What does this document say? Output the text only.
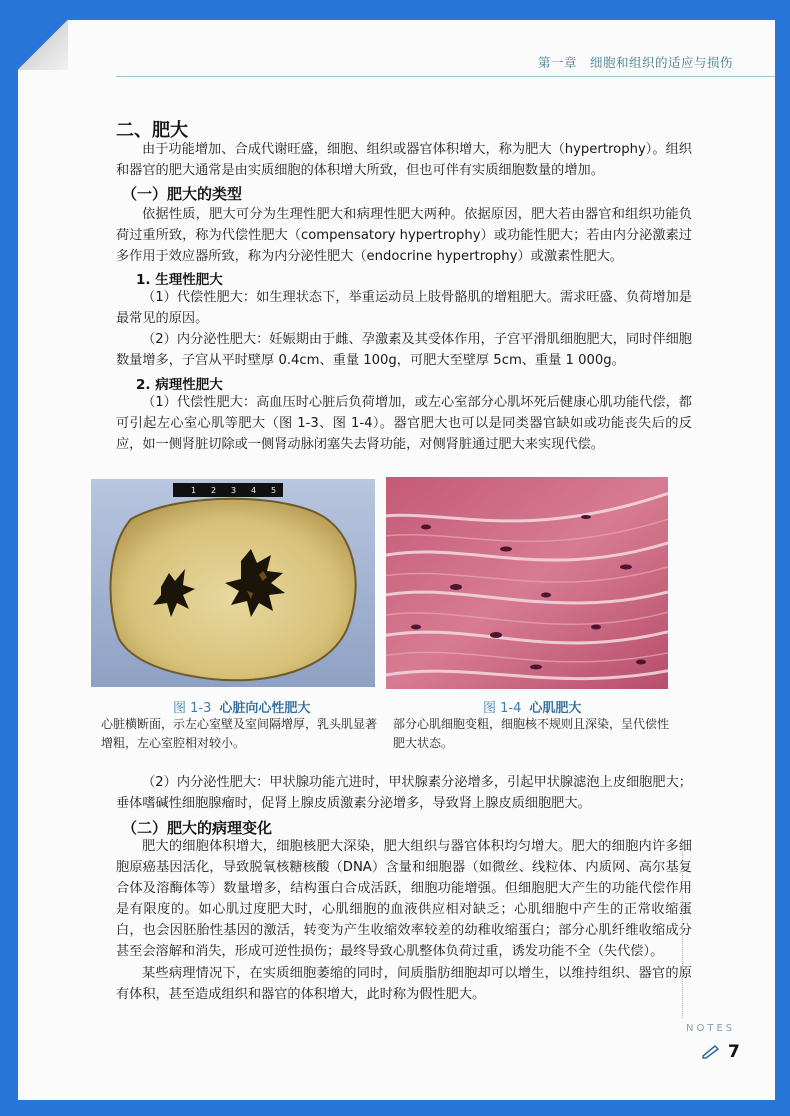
第一章　细胞和组织的适应与损伤
二、肥大
由于功能增加、合成代谢旺盛，细胞、组织或器官体积增大，称为肥大（hypertrophy）。组织和器官的肥大通常是由实质细胞的体积增大所致，但也可伴有实质细胞数量的增加。
（一）肥大的类型
依据性质，肥大可分为生理性肥大和病理性肥大两种。依据原因，肥大若由器官和组织功能负荷过重所致，称为代偿性肥大（compensatory hypertrophy）或功能性肥大；若由内分泌激素过多作用于效应器所致，称为内分泌性肥大（endocrine hypertrophy）或激素性肥大。
1. 生理性肥大
（1）代偿性肥大：如生理状态下，举重运动员上肢骨骼肌的增粗肥大。需求旺盛、负荷增加是最常见的原因。
（2）内分泌性肥大：妊娠期由于雌、孕激素及其受体作用，子宫平滑肌细胞肥大，同时伴细胞数量增多，子宫从平时壁厚 0.4cm、重量 100g，可肥大至壁厚 5cm、重量 1 000g。
2. 病理性肥大
（1）代偿性肥大：高血压时心脏后负荷增加，或左心室部分心肌坏死后健康心肌功能代偿，都可引起左心室心肌等肥大（图 1-3、图 1-4）。器官肥大也可以是同类器官缺如或功能丧失后的反应，如一侧肾脏切除或一侧肾动脉闭塞失去肾功能，对侧肾脏通过肥大来实现代偿。
1 2 3 4 5
图 1-3 心脏向心性肥大
心脏横断面，示左心室壁及室间隔增厚，乳头肌显著增粗，左心室腔相对较小。
图 1-4 心肌肥大
部分心肌细胞变粗，细胞核不规则且深染，呈代偿性肥大状态。
（2）内分泌性肥大：甲状腺功能亢进时，甲状腺素分泌增多，引起甲状腺滤泡上皮细胞肥大；垂体嗜碱性细胞腺瘤时，促肾上腺皮质激素分泌增多，导致肾上腺皮质细胞肥大。
（二）肥大的病理变化
肥大的细胞体积增大，细胞核肥大深染，肥大组织与器官体积均匀增大。肥大的细胞内许多细胞原癌基因活化，导致脱氧核糖核酸（DNA）含量和细胞器（如微丝、线粒体、内质网、高尔基复合体及溶酶体等）数量增多，结构蛋白合成活跃，细胞功能增强。但细胞肥大产生的功能代偿作用是有限度的。如心肌过度肥大时，心肌细胞的血液供应相对缺乏；心肌细胞中产生的正常收缩蛋白，也会因胚胎性基因的激活，转变为产生收缩效率较差的幼稚收缩蛋白；部分心肌纤维收缩成分甚至会溶解和消失，形成可逆性损伤；最终导致心肌整体负荷过重，诱发功能不全（失代偿）。
某些病理情况下，在实质细胞萎缩的同时，间质脂肪细胞却可以增生，以维持组织、器官的原有体积，甚至造成组织和器官的体积增大，此时称为假性肥大。
NOTES
7
